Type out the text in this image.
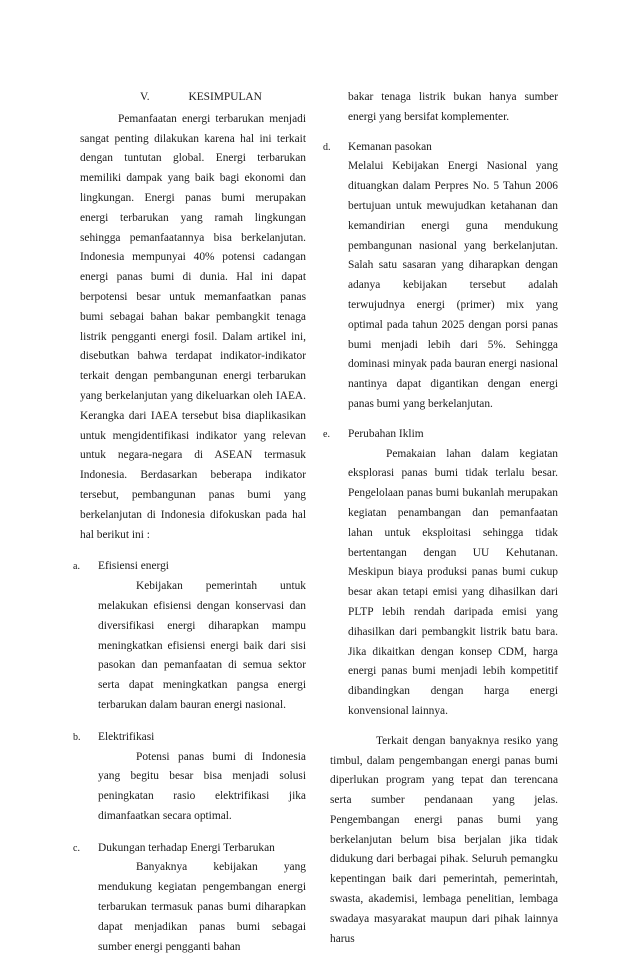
V.	KESIMPULAN

Pemanfaatan energi terbarukan menjadi sangat penting dilakukan karena hal ini terkait dengan tuntutan global. Energi terbarukan memiliki dampak yang baik bagi ekonomi dan lingkungan. Energi panas bumi merupakan energi terbarukan yang ramah lingkungan sehingga pemanfaatannya bisa berkelanjutan. Indonesia mempunyai 40% potensi cadangan energi panas bumi di dunia. Hal ini dapat berpotensi besar untuk memanfaatkan panas bumi sebagai bahan bakar pembangkit tenaga listrik pengganti energi fosil. Dalam artikel ini, disebutkan bahwa terdapat indikator-indikator terkait dengan pembangunan energi terbarukan yang berkelanjutan yang dikeluarkan oleh IAEA. Kerangka dari IAEA tersebut bisa diaplikasikan untuk mengidentifikasi indikator yang relevan untuk negara-negara di ASEAN termasuk Indonesia. Berdasarkan beberapa indikator tersebut, pembangunan panas bumi yang berkelanjutan di Indonesia difokuskan pada hal hal berikut ini :

a. Efisiensi energi

Kebijakan pemerintah untuk melakukan efisiensi dengan konservasi dan diversifikasi energi diharapkan mampu meningkatkan efisiensi energi baik dari sisi pasokan dan pemanfaatan di semua sektor serta dapat meningkatkan pangsa energi terbarukan dalam bauran energi nasional.

b. Elektrifikasi

Potensi panas bumi di Indonesia yang begitu besar bisa menjadi solusi peningkatan rasio elektrifikasi jika dimanfaatkan secara optimal.

c. Dukungan terhadap Energi Terbarukan

Banyaknya kebijakan yang mendukung kegiatan pengembangan energi terbarukan termasuk panas bumi diharapkan dapat menjadikan panas bumi sebagai sumber energi pengganti bahan

bakar tenaga listrik bukan hanya sumber energi yang bersifat komplementer.

d. Kemanan pasokan

Melalui Kebijakan Energi Nasional yang dituangkan dalam Perpres No. 5 Tahun 2006 bertujuan untuk mewujudkan ketahanan dan kemandirian energi guna mendukung pembangunan nasional yang berkelanjutan. Salah satu sasaran yang diharapkan dengan adanya kebijakan tersebut adalah terwujudnya energi (primer) mix yang optimal pada tahun 2025 dengan porsi panas bumi menjadi lebih dari 5%. Sehingga dominasi minyak pada bauran energi nasional nantinya dapat digantikan dengan energi panas bumi yang berkelanjutan.

e. Perubahan Iklim

Pemakaian lahan dalam kegiatan eksplorasi panas bumi tidak terlalu besar. Pengelolaan panas bumi bukanlah merupakan kegiatan penambangan dan pemanfaatan lahan untuk eksploitasi sehingga tidak bertentangan dengan UU Kehutanan. Meskipun biaya produksi panas bumi cukup besar akan tetapi emisi yang dihasilkan dari PLTP lebih rendah daripada emisi yang dihasilkan dari pembangkit listrik batu bara. Jika dikaitkan dengan konsep CDM, harga energi panas bumi menjadi lebih kompetitif dibandingkan dengan harga energi konvensional lainnya.

Terkait dengan banyaknya resiko yang timbul, dalam pengembangan energi panas bumi diperlukan program yang tepat dan terencana serta sumber pendanaan yang jelas. Pengembangan energi panas bumi yang berkelanjutan belum bisa berjalan jika tidak didukung dari berbagai pihak. Seluruh pemangku kepentingan baik dari pemerintah, pemerintah, swasta, akademisi, lembaga penelitian, lembaga swadaya masyarakat maupun dari pihak lainnya harus
